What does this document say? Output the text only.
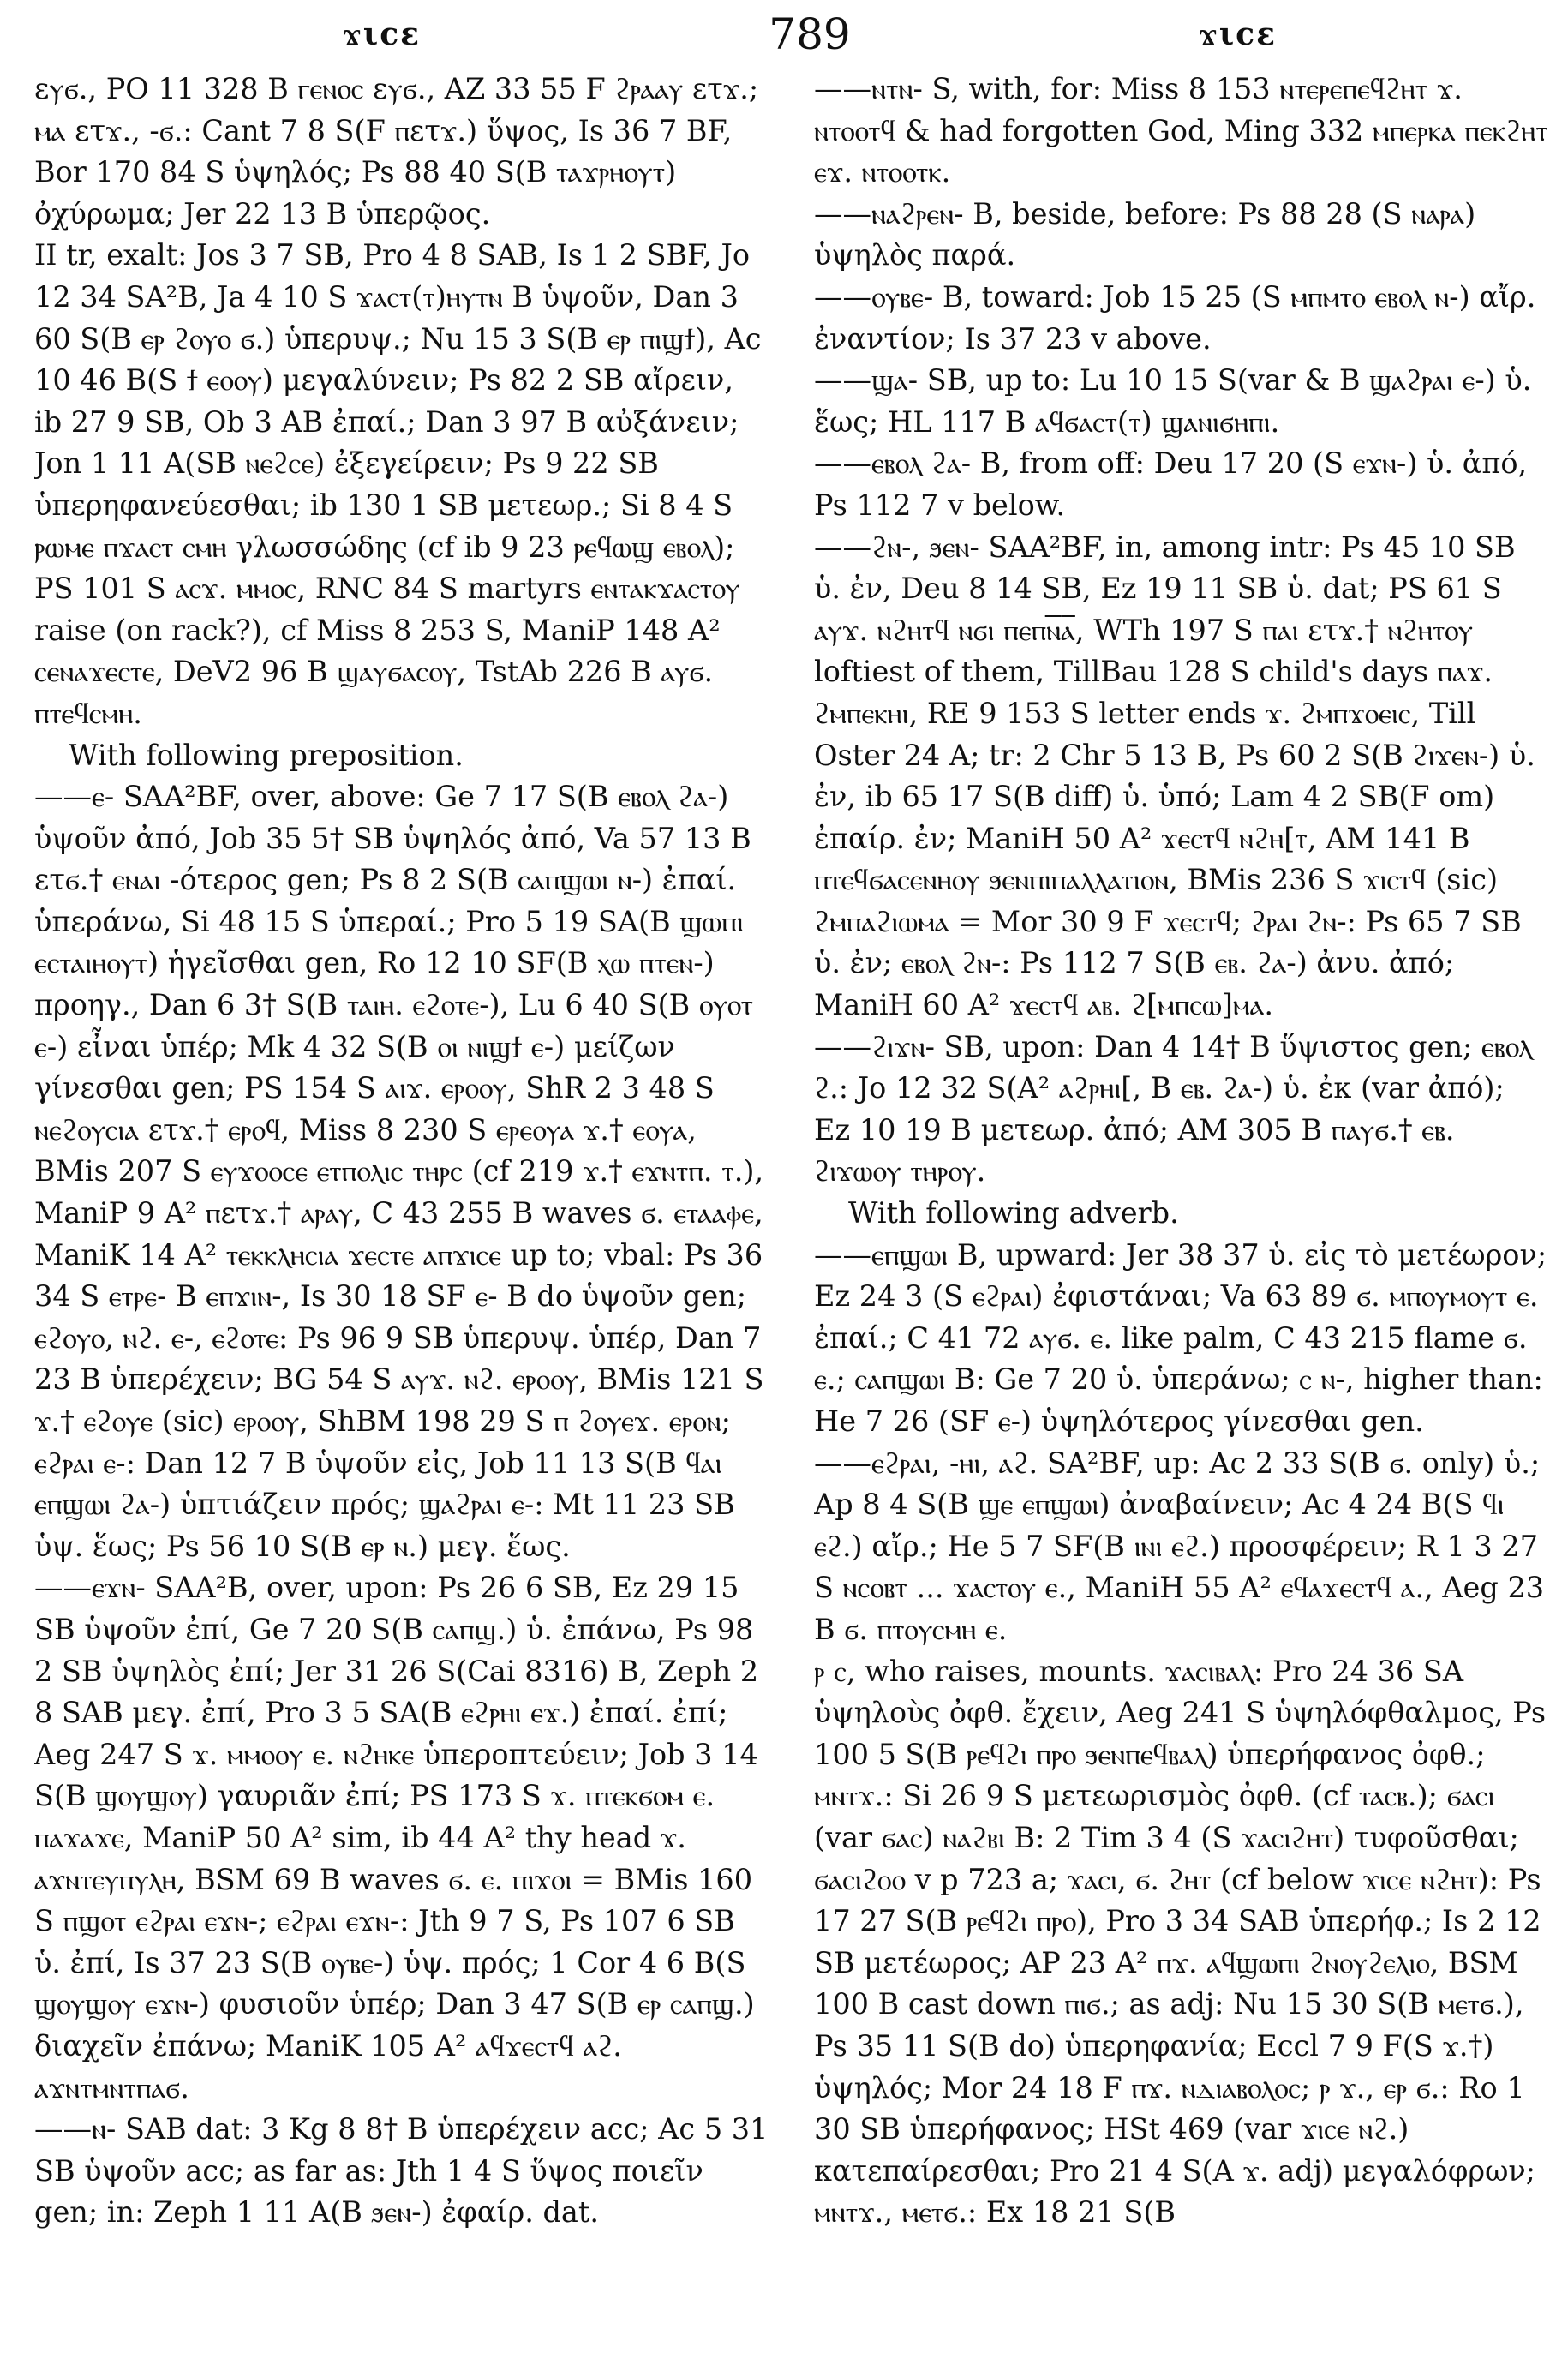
ϫιϲε	789	ϫιϲε

εⲩϭ., PO 11 328 B ⲅⲉⲛⲟⲥ εⲩϭ., AZ 33 55 F ϩⲣⲁⲁⲩ ετϫ.; ⲙⲁ ετϫ., -ϭ.: Cant 7 8 S(F ⲡετϫ.) ὕψος, Is 36 7 BF, Bor 170 84 S ὑψηλός; Ps 88 40 S(B ⲧⲁϫⲣⲏⲟⲩⲧ) ὀχύρωμα; Jer 22 13 B ὑπερῷος.

II tr, exalt: Jos 3 7 SB, Pro 4 8 SAB, Is 1 2 SBF, Jo 12 34 SA²B, Ja 4 10 S ϫⲁⲥⲧ(ⲧ)ⲏⲩⲧⲛ B ὑψοῦν, Dan 3 60 S(B ⲉⲣ ϩⲟⲩⲟ ϭ.) ὑπερυψ.; Nu 15 3 S(B ⲉⲣ ⲡⲓϣϯ), Ac 10 46 B(S ϯ ⲉⲟⲟⲩ) μεγαλύνειν; Ps 82 2 SB αἴρειν, ib 27 9 SB, Ob 3 AB ἐπαί.; Dan 3 97 B αὐξάνειν; Jon 1 11 A(SB ⲛⲉϩⲥⲉ) ἐξεγείρειν; Ps 9 22 SB ὑπερηφανεύεσθαι; ib 130 1 SB μετεωρ.; Si 8 4 S ⲣⲱⲙⲉ ⲡϫⲁⲥⲧ ⲥⲙⲏ γλωσσώδης (cf ib 9 23 ⲣⲉϥⲱϣ ⲉⲃⲟⲗ); PS 101 S ⲁⲥϫ. ⲙⲙⲟⲥ, RNC 84 S martyrs ⲉⲛⲧⲁⲕϫⲁⲥⲧⲟⲩ raise (on rack?), cf Miss 8 253 S, ManiP 148 A² ⲥⲉⲛⲁϫⲉⲥⲧⲉ, DeV2 96 B ϣⲁⲩϭⲁⲥⲟⲩ, TstAb 226 B ⲁⲩϭ. ⲡⲧⲉϥⲥⲙⲏ.

With following preposition.

—— ⲉ- SAA²BF, over, above: Ge 7 17 S(B ⲉⲃⲟⲗ ϩⲁ-) ὑψοῦν ἀπό, Job 35 5† SB ὑψηλός ἀπό, Va 57 13 B ετϭ.† ⲉⲛⲁⲓ -ότερος gen; Ps 8 2 S(B ⲥⲁⲡϣⲱⲓ ⲛ-) ἐπαί. ὑπεράνω, Si 48 15 S ὑπεραί.; Pro 5 19 SA(B ϣⲱⲡⲓ ⲉⲥⲧⲁⲓⲏⲟⲩⲧ) ἡγεῖσθαι gen, Ro 12 10 SF(B ⲭⲱ ⲡⲧⲉⲛ-) προηγ., Dan 6 3† S(B ⲧⲁⲓⲏ. ⲉϩⲟⲧⲉ-), Lu 6 40 S(B ⲟⲩⲟⲧ ⲉ-) εἶναι ὑπέρ; Mk 4 32 S(B ⲟⲓ ⲛⲓϣϯ ⲉ-) μείζων γίνεσθαι gen; PS 154 S ⲁⲓϫ. ⲉⲣⲟⲟⲩ, ShR 2 3 48 S ⲛⲉϩⲟⲩⲥⲓⲁ ετϫ.† ⲉⲣⲟϥ, Miss 8 230 S ⲉⲣⲉⲟⲩⲁ ϫ.† ⲉⲟⲩⲁ, BMis 207 S ⲉⲩϫⲟⲟⲥⲉ ⲉⲧⲡⲟⲗⲓⲥ ⲧⲏⲣⲥ (cf 219 ϫ.† ⲉϫⲛⲧⲡ. ⲧ.), ManiP 9 A² ⲡετϫ.† ⲁⲣⲁⲩ, C 43 255 B waves ϭ. ⲉⲧⲁⲁⲫⲉ, ManiK 14 A² ⲧⲉⲕⲕⲗⲏⲥⲓⲁ ϫⲉⲥⲧⲉ ⲁⲡϫⲓⲥⲉ up to; vbal: Ps 36 34 S ⲉⲧⲣⲉ- B ⲉⲡϫⲓⲛ-, Is 30 18 SF ⲉ- B do ὑψοῦν gen; ⲉϩⲟⲩⲟ, ⲛϩ. ⲉ-, ⲉϩⲟⲧⲉ: Ps 96 9 SB ὑπερυψ. ὑπέρ, Dan 7 23 B ὑπερέχειν; BG 54 S ⲁⲩϫ. ⲛϩ. ⲉⲣⲟⲟⲩ, BMis 121 S ϫ.† ⲉϩⲟⲩⲉ (sic) ⲉⲣⲟⲟⲩ, ShBM 198 29 S ⲡ ϩⲟⲩⲉϫ. ⲉⲣⲟⲛ; ⲉϩⲣⲁⲓ ⲉ-: Dan 12 7 B ὑψοῦν εἰς, Job 11 13 S(B ϥⲁⲓ ⲉⲡϣⲱⲓ ϩⲁ-) ὑπτιάζειν πρός; ϣⲁϩⲣⲁⲓ ⲉ-: Mt 11 23 SB ὑψ. ἕως; Ps 56 10 S(B ⲉⲣ ⲛ.) μεγ. ἕως.

—— ⲉϫⲛ- SAA²B, over, upon: Ps 26 6 SB, Ez 29 15 SB ὑψοῦν ἐπί, Ge 7 20 S(B ⲥⲁⲡϣ.) ὑ. ἐπάνω, Ps 98 2 SB ὑψηλὸς ἐπί; Jer 31 26 S(Cai 8316) B, Zeph 2 8 SAB μεγ. ἐπί, Pro 3 5 SA(B ⲉϩⲣⲏⲓ ⲉϫ.) ἐπαί. ἐπί; Aeg 247 S ϫ. ⲙⲙⲟⲟⲩ ⲉ. ⲛϩⲏⲕⲉ ὑπεροπτεύειν; Job 3 14 S(B ϣⲟⲩϣⲟⲩ) γαυριᾶν ἐπί; PS 173 S ϫ. ⲡⲧⲉⲕϭⲟⲙ ⲉ. ⲡⲁϫⲁϫⲉ, ManiP 50 A² sim, ib 44 A² thy head ϫ. ⲁϫⲛⲧⲉⲩⲡⲩⲗⲏ, BSM 69 B waves ϭ. ⲉ. ⲡⲓϫⲟⲓ = BMis 160 S ⲡϣⲟⲧ ⲉϩⲣⲁⲓ ⲉϫⲛ-; ⲉϩⲣⲁⲓ ⲉϫⲛ-: Jth 9 7 S, Ps 107 6 SB ὑ. ἐπί, Is 37 23 S(B ⲟⲩⲃⲉ-) ὑψ. πρός; 1 Cor 4 6 B(S ϣⲟⲩϣⲟⲩ ⲉϫⲛ-) φυσιοῦν ὑπέρ; Dan 3 47 S(B ⲉⲣ ⲥⲁⲡϣ.) διαχεῖν ἐπάνω; ManiK 105 A² ⲁϥϫⲉⲥⲧϥ ⲁϩ. ⲁϫⲛⲧⲙⲛⲧⲡⲁϭ.

—— ⲛ- SAB dat: 3 Kg 8 8† B ὑπερέχειν acc; Ac 5 31 SB ὑψοῦν acc; as far as: Jth 1 4 S ὕψος ποιεῖν gen; in: Zeph 1 11 A(B ϧⲉⲛ-) ἐφαίρ. dat.

—— ⲛⲧⲛ- S, with, for: Miss 8 153 ⲛⲧⲉⲣⲉⲡⲉϥϩⲏⲧ ϫ. ⲛⲧⲟⲟⲧϥ & had forgotten God, Ming 332 ⲙⲡⲉⲣⲕⲁ ⲡⲉⲕϩⲏⲧ ⲉϫ. ⲛⲧⲟⲟⲧⲕ.

—— ⲛⲁϩⲣⲉⲛ- B, beside, before: Ps 88 28 (S ⲛⲁⲣⲁ) ὑψηλὸς παρά.

—— ⲟⲩⲃⲉ- B, toward: Job 15 25 (S ⲙⲡⲙⲧⲟ ⲉⲃⲟⲗ ⲛ-) αἴρ. ἐναντίον; Is 37 23 v above.

—— ϣⲁ- SB, up to: Lu 10 15 S(var & B ϣⲁϩⲣⲁⲓ ⲉ-) ὑ. ἕως; HL 117 B ⲁϥϭⲁⲥⲧ(ⲧ) ϣⲁⲛⲓϭⲏⲡⲓ.

—— ⲉⲃⲟⲗ ϩⲁ- B, from off: Deu 17 20 (S ⲉϫⲛ-) ὑ. ἀπό, Ps 112 7 v below.

—— ϩⲛ-, ϧⲉⲛ- SAA²BF, in, among intr: Ps 45 10 SB ὑ. ἐν, Deu 8 14 SB, Ez 19 11 SB ὑ. dat; PS 61 S ⲁⲩϫ. ⲛϩⲏⲧϥ ⲛϭⲓ ⲡⲉⲡⲛ︦ⲁ︦, WTh 197 S ⲡⲁⲓ ετϫ.† ⲛϩⲏⲧⲟⲩ loftiest of them, TillBau 128 S child's days ⲡⲁϫ. ϩⲙⲡⲉⲕⲏⲓ, RE 9 153 S letter ends ϫ. ϩⲙⲡϫⲟⲉⲓⲥ, Till Oster 24 A; tr: 2 Chr 5 13 B, Ps 60 2 S(B ϩⲓϫⲉⲛ-) ὑ. ἐν, ib 65 17 S(B diff) ὑ. ὑπό; Lam 4 2 SB(F om) ἐπαίρ. ἐν; ManiH 50 A² ϫⲉⲥⲧϥ ⲛϩⲏ[ⲧ, AM 141 B ⲡⲧⲉϥϭⲁⲥⲉⲛⲏⲟⲩ ϧⲉⲛⲡⲓⲡⲁⲗⲗⲁⲧⲓⲟⲛ, BMis 236 S ϫⲓⲥⲧϥ (sic) ϩⲙⲡⲁϩⲓⲱⲙⲁ = Mor 30 9 F ϫⲉⲥⲧϥ; ϩⲣⲁⲓ ϩⲛ-: Ps 65 7 SB ὑ. ἐν; ⲉⲃⲟⲗ ϩⲛ-: Ps 112 7 S(B ⲉⲃ. ϩⲁ-) ἀνυ. ἀπό; ManiH 60 A² ϫⲉⲥⲧϥ ⲁⲃ. ϩ[ⲙⲡⲥⲱ]ⲙⲁ.

—— ϩⲓϫⲛ- SB, upon: Dan 4 14† B ὕψιστος gen; ⲉⲃⲟⲗ ϩ.: Jo 12 32 S(A² ⲁϩⲣⲏⲓ[, B ⲉⲃ. ϩⲁ-) ὑ. ἐκ (var ἀπό); Ez 10 19 B μετεωρ. ἀπό; AM 305 B ⲡⲁⲩϭ.† ⲉⲃ. ϩⲓϫⲱⲟⲩ ⲧⲏⲣⲟⲩ.

With following adverb.

—— ⲉⲡϣⲱⲓ B, upward: Jer 38 37 ὑ. εἰς τὸ μετέωρον; Ez 24 3 (S ⲉϩⲣⲁⲓ) ἐφιστάναι; Va 63 89 ϭ. ⲙⲡⲟⲩⲙⲟⲩⲧ ⲉ. ἐπαί.; C 41 72 ⲁⲩϭ. ⲉ. like palm, C 43 215 flame ϭ. ⲉ.; ⲥⲁⲡϣⲱⲓ B: Ge 7 20 ὑ. ὑπεράνω; ⲥ ⲛ-, higher than: He 7 26 (SF ⲉ-) ὑψηλότερος γίνεσθαι gen.

—— ⲉϩⲣⲁⲓ, -ⲏⲓ, ⲁϩ. SA²BF, up: Ac 2 33 S(B ϭ. only) ὑ.; Ap 8 4 S(B ϣⲉ ⲉⲡϣⲱⲓ) ἀναβαίνειν; Ac 4 24 B(S ϥⲓ ⲉϩ.) αἴρ.; He 5 7 SF(B ⲓⲛⲓ ⲉϩ.) προσφέρειν; R 1 3 27 S ⲛⲥⲟⲃⲧ ... ϫⲁⲥⲧⲟⲩ ⲉ., ManiH 55 A² ⲉϥⲁϫⲉⲥⲧϥ ⲁ., Aeg 23 B ϭ. ⲡⲧⲟⲩⲥⲙⲏ ⲉ.

ⲣ ⲥ, who raises, mounts. ϫⲁⲥⲓⲃⲁⲗ: Pro 24 36 SA ὑψηλοὺς ὀφθ. ἔχειν, Aeg 241 S ὑψηλόφθαλμος, Ps 100 5 S(B ⲣⲉϥϩⲓ ⲡⲣⲟ ϧⲉⲛⲡⲉϥⲃⲁⲗ) ὑπερήφανος ὀφθ.; ⲙⲛⲧϫ.: Si 26 9 S μετεωρισμὸς ὀφθ. (cf ⲧⲁⲥⲃ.); ϭⲁⲥⲓ (var ϭⲁⲥ) ⲛⲁϩⲃⲓ B: 2 Tim 3 4 (S ϫⲁⲥⲓϩⲏⲧ) τυφοῦσθαι; ϭⲁⲥⲓϩⲑⲟ v p 723 a; ϫⲁⲥⲓ, ϭ. ϩⲏⲧ (cf below ϫⲓⲥⲉ ⲛϩⲏⲧ): Ps 17 27 S(B ⲣⲉϥϩⲓ ⲡⲣⲟ), Pro 3 34 SAB ὑπερήφ.; Is 2 12 SB μετέωρος; AP 23 A² ⲡϫ. ⲁϥϣⲱⲡⲓ ϩⲛⲟⲩϩⲉⲗⲓⲟ, BSM 100 B cast down ⲡⲓϭ.; as adj: Nu 15 30 S(B ⲙⲉⲧϭ.), Ps 35 11 S(B do) ὑπερηφανία; Eccl 7 9 F(S ϫ.†) ὑψηλός; Mor 24 18 F ⲡϫ. ⲛⲇⲓⲁⲃⲟⲗⲟⲥ; ⲣ ϫ., ⲉⲣ ϭ.: Ro 1 30 SB ὑπερήφανος; HSt 469 (var ϫⲓⲥⲉ ⲛϩ.) κατεπαίρεσθαι; Pro 21 4 S(A ϫ. adj) μεγαλόφρων; ⲙⲛⲧϫ., ⲙⲉⲧϭ.: Ex 18 21 S(B
